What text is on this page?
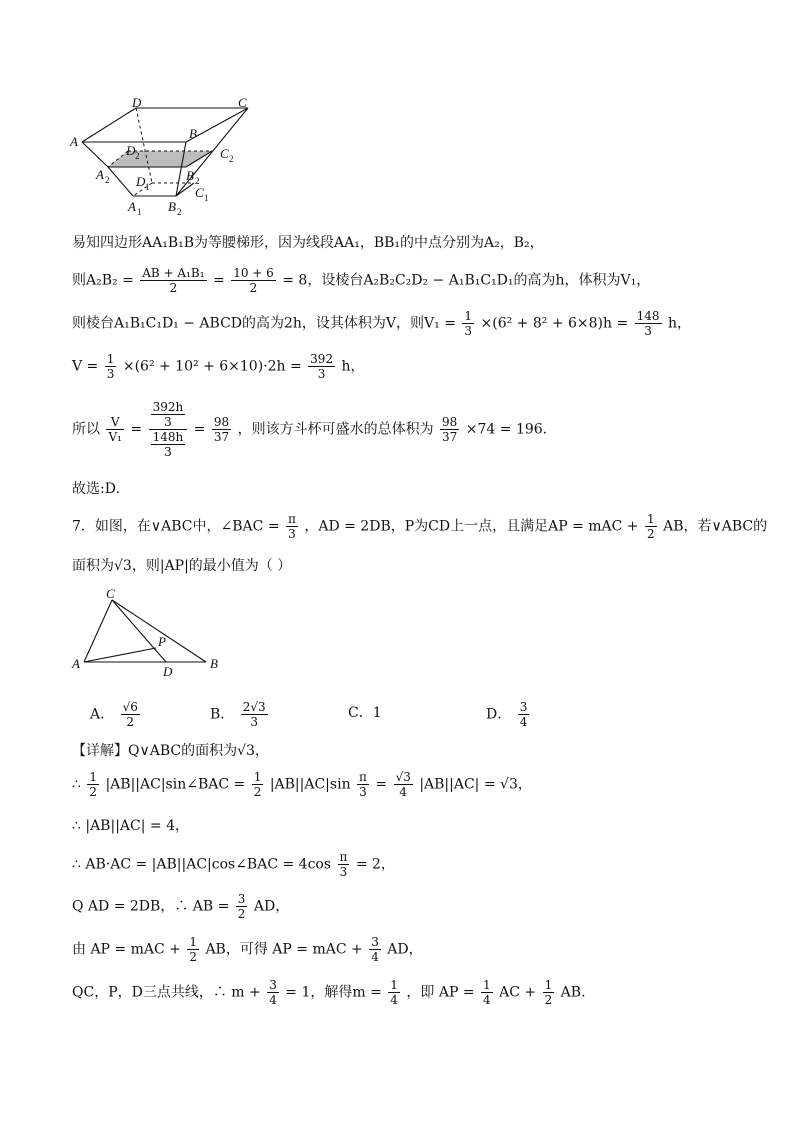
D	C
B
A
D 2	C 2
A 2 D 1
B 2
C 1
A 1 B 2
易知四边形AA₁B₁B为等腰梯形，因为线段AA₁，BB₁的中点分别为A₂，B₂，
则$A_2B_2 = \frac{\text{AB + A₁B₁}}{2} = \frac{10 + 6}{2} = 8$，设棱台A₂B₂C₂D₂ − A₁B₁C₁D₁的高为h，体积为V₁，
则棱台A₁B₁C₁D₁ − ABCD的高为2h，设其体积为V，则$V_1 = \frac{1}{3} \times(6^2 + 8^2 + 6\times 8)h = \frac{148}{3}$ h，
$V = \frac{1}{3} \times(6^2 + 10^2 + 6\times 10)\cdot 2h = \frac{392}{3}$ h，
所以 $\frac{V}{\text{V₁}} = \frac{\frac{392h}{3}}{\frac{148h}{3}} = \frac{98}{37}$ ，则该方斗杯可盛水的总体积为 $\frac{98}{37} \times 74 = 196$.
故选:D.
7．如图，在∨ABC中，∠BAC = $\frac{\pi}{3}$ ，AD = 2DB，P为CD上一点，且满足AP = mAC + $\frac{1}{2}$ AB，若∨ABC的
面积为√3，则|AP|的最小值为（ ）
C
P
A
D
B
A． $\frac{√6}{2}$	B． $\frac{2√3}{3}$	C．1	D． $\frac{3}{4}$
【详解】Q∨ABC的面积为√3，
∴ $\frac{1}{2}$ |AB||AC|sin∠BAC = $\frac{1}{2} |AB||AC|\sin \frac{\pi}{3} = \frac{√3}{4} |AB||AC| = √3$，
∴ |AB||AC| = 4，
∴ AB·AC = |AB||AC|cos∠BAC = $4\cos \frac{\pi}{3} = 2$，
Q AD = 2DB，∴ AB = $\frac{3}{2}$ AD，
由 AP = mAC + $\frac{1}{2}$ AB，可得 AP = mAC + $\frac{3}{4}$ AD，
QC，P，D三点共线，∴ $m + \frac{3}{4} = 1$，解得$m = \frac{1}{4}$ ，即 AP = $\frac{1}{4}$ AC + $\frac{1}{2}$ AB.
